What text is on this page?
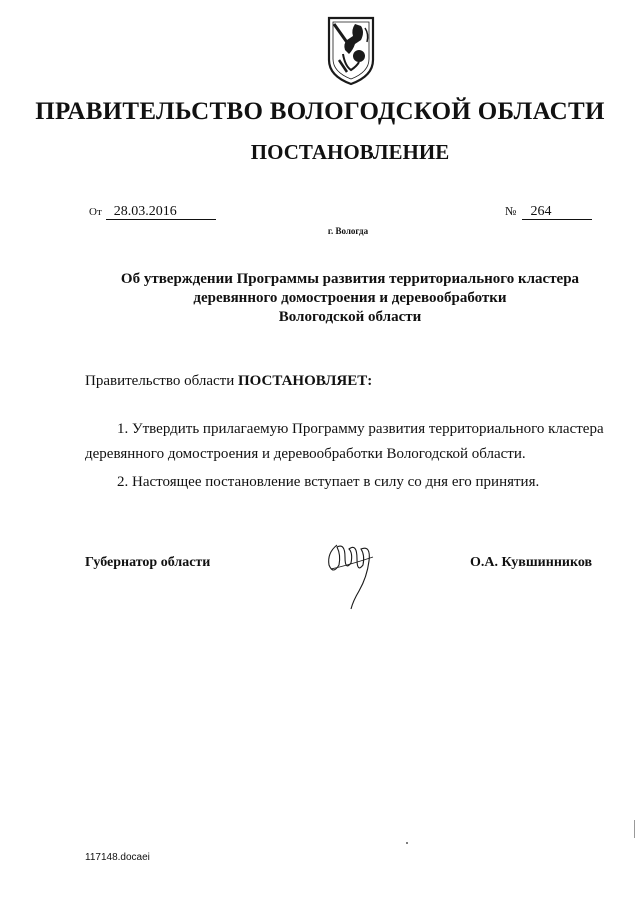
ПРАВИТЕЛЬСТВО ВОЛОГОДСКОЙ ОБЛАСТИ
ПОСТАНОВЛЕНИЕ
От 28.03.2016	№ 264
г. Вологда
Об утверждении Программы развития территориального кластера
деревянного домостроения и деревообработки
Вологодской области
Правительство области ПОСТАНОВЛЯЕТ:
1. Утвердить прилагаемую Программу развития территориального кластера
деревянного домостроения и деревообработки Вологодской области.
2. Настоящее постановление вступает в силу со дня его принятия.
Губернатор области	О.А. Кувшинников
117148.docaei
